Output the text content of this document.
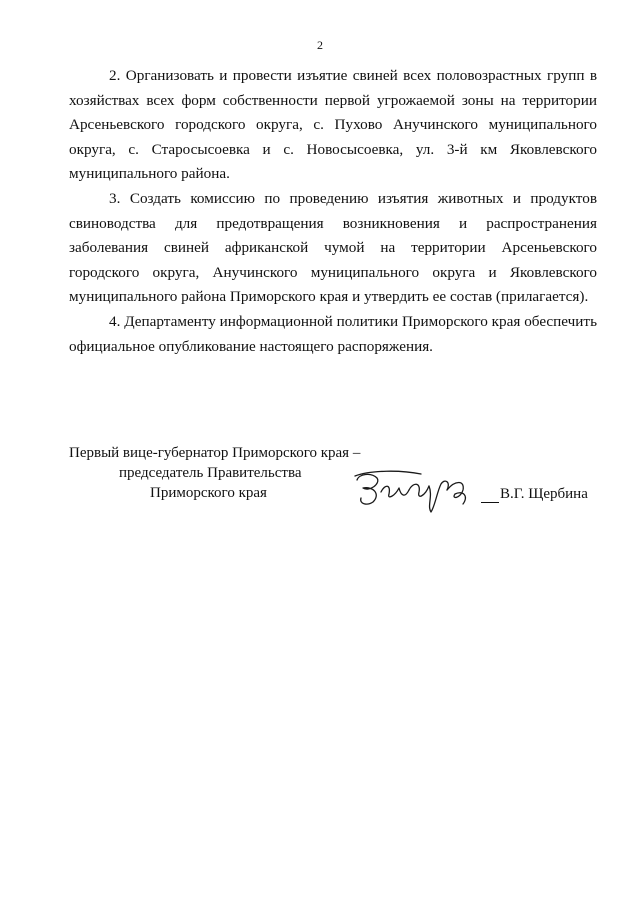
2

2. Организовать и провести изъятие свиней всех половозрастных групп в хозяйствах всех форм собственности первой угрожаемой зоны на территории Арсеньевского городского округа, с. Пухово Анучинского муниципального округа, с. Старосысоевка и с. Новосысоевка, ул. 3-й км Яковлевского муниципального района.

3. Создать комиссию по проведению изъятия животных и продуктов свиноводства для предотвращения возникновения и распространения заболевания свиней африканской чумой на территории Арсеньевского городского округа, Анучинского муниципального округа и Яковлевского муниципального района Приморского края и утвердить ее состав (прилагается).

4. Департаменту информационной политики Приморского края обеспечить официальное опубликование настоящего распоряжения.

Первый вице-губернатор Приморского края –
председатель Правительства
Приморского края	В.Г. Щербина
